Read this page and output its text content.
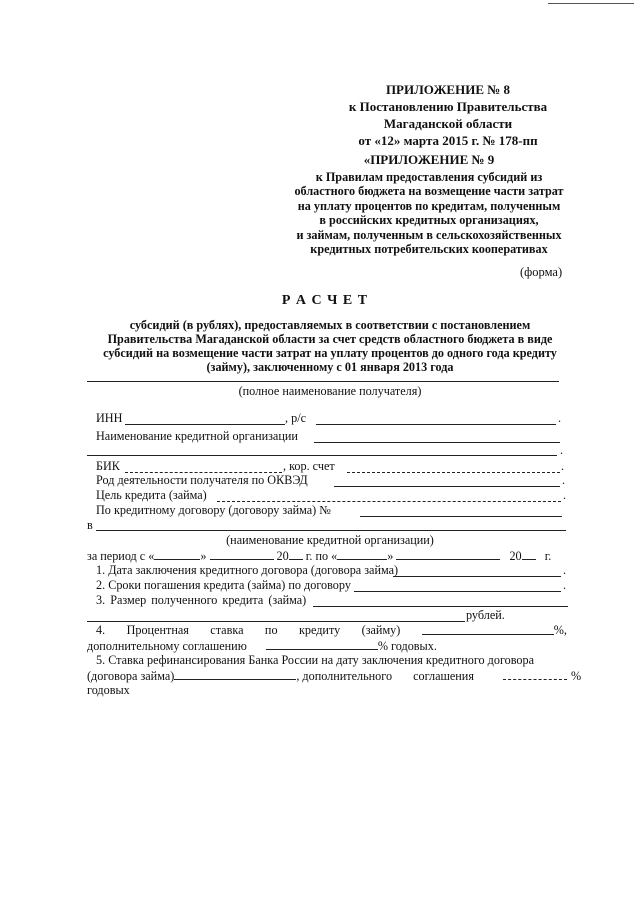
ПРИЛОЖЕНИЕ № 8
к Постановлению Правительства
Магаданской области
от «12» марта 2015 г. № 178-пп
«ПРИЛОЖЕНИЕ № 9
к Правилам предоставления субсидий из
областного бюджета на возмещение части затрат
на уплату процентов по кредитам, полученным
в российских кредитных организациях,
и займам, полученным в сельскохозяйственных
кредитных потребительских кооперативах
(форма)
Р А С Ч Е Т
субсидий (в рублях), предоставляемых в соответствии с постановлением
Правительства Магаданской области за счет средств областного бюджета в виде
субсидий на возмещение части затрат на уплату процентов до одного года кредиту
(займу), заключенному с 01 января 2013 года
(полное наименование получателя)
ИНН	, р/с	.
Наименование кредитной организации
.
БИК	, кор. счет	.
Род деятельности получателя по ОКВЭД	.
Цель кредита (займа)	.
По кредитному договору (договору займа) №
в
(наименование кредитной организации)
за период с «	»	20 г. по «	»	20 г.
1. Дата заключения кредитного договора (договора займа)	.
2. Сроки погашения кредита (займа) по договору	.
3. Размер полученного кредита (займа)
рублей.
4. Процентная ставка по кредиту (займу)	%,
дополнительному соглашению	% годовых.
5. Ставка рефинансирования Банка России на дату заключения кредитного договора
(договора займа)	, дополнительного соглашения	%
годовых
